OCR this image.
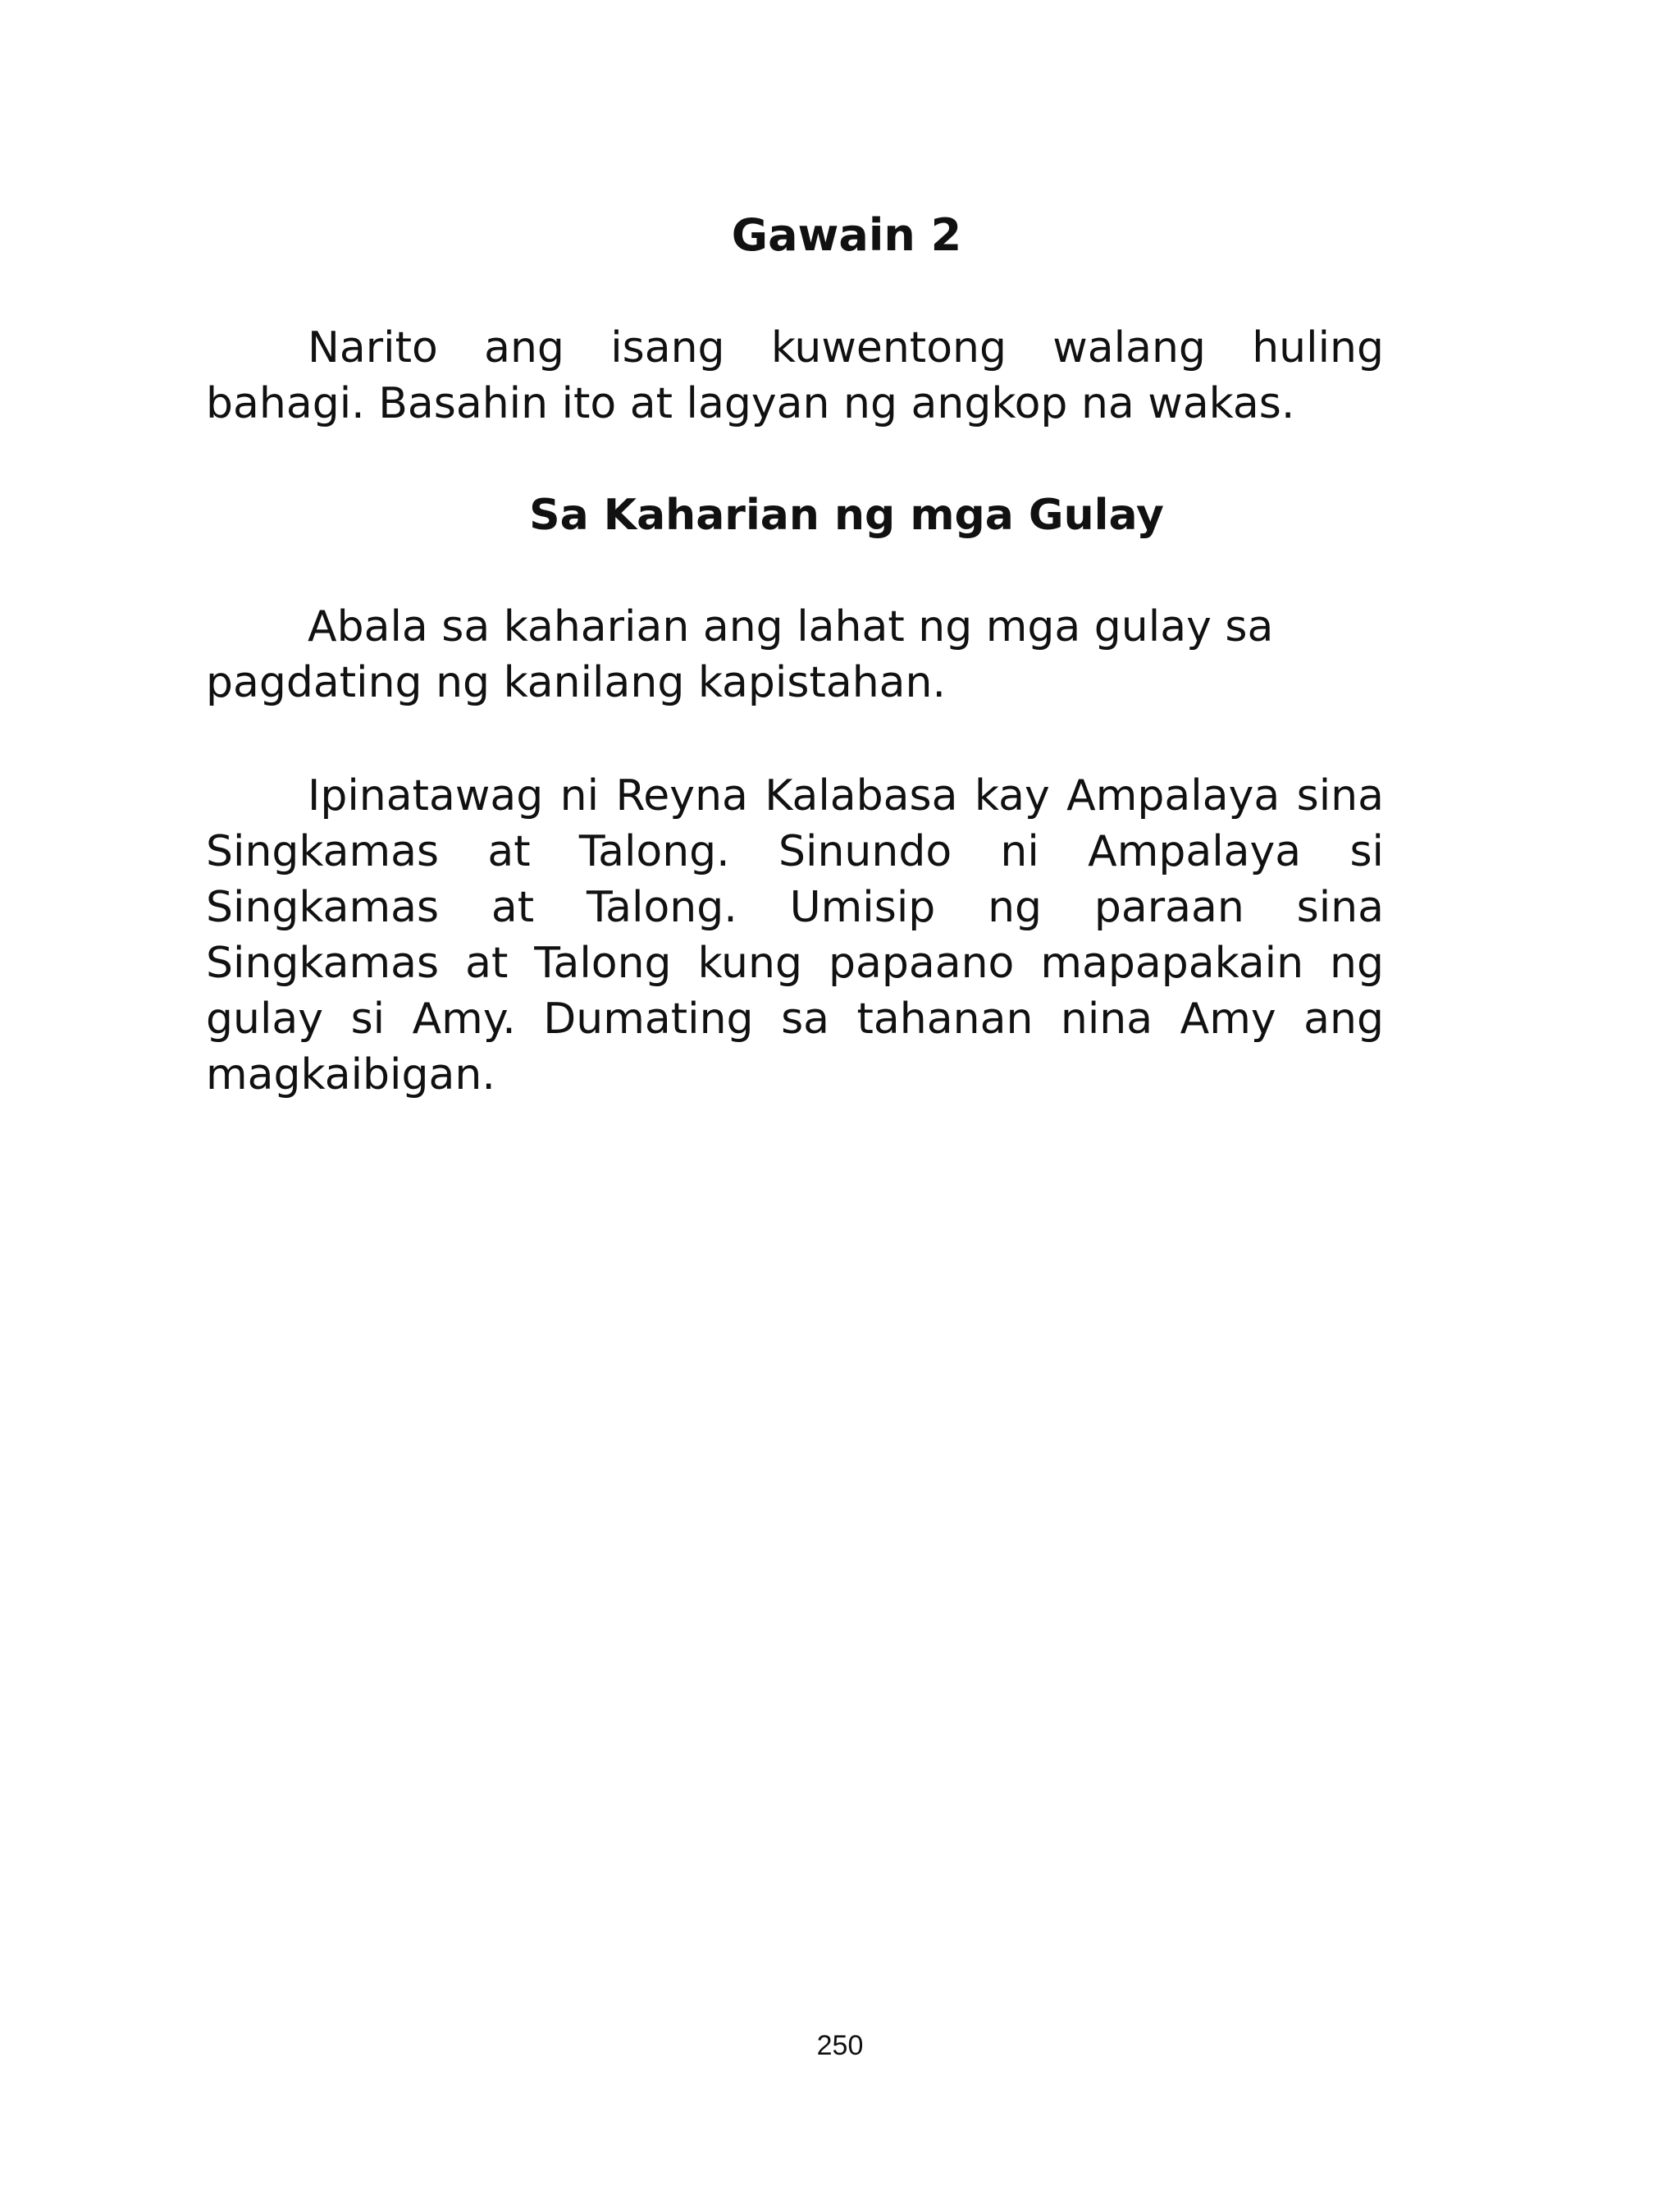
Gawain 2

Narito ang isang kuwentong walang huling bahagi. Basahin ito at lagyan ng angkop na wakas.

Sa Kaharian ng mga Gulay

Abala sa kaharian ang lahat ng mga gulay sa pagdating ng kanilang kapistahan.

Ipinatawag ni Reyna Kalabasa kay Ampalaya sina Singkamas at Talong. Sinundo ni Ampalaya si Singkamas at Talong. Umisip ng paraan sina Singkamas at Talong kung papaano mapapakain ng gulay si Amy. Dumating sa tahanan nina Amy ang magkaibigan.

250
